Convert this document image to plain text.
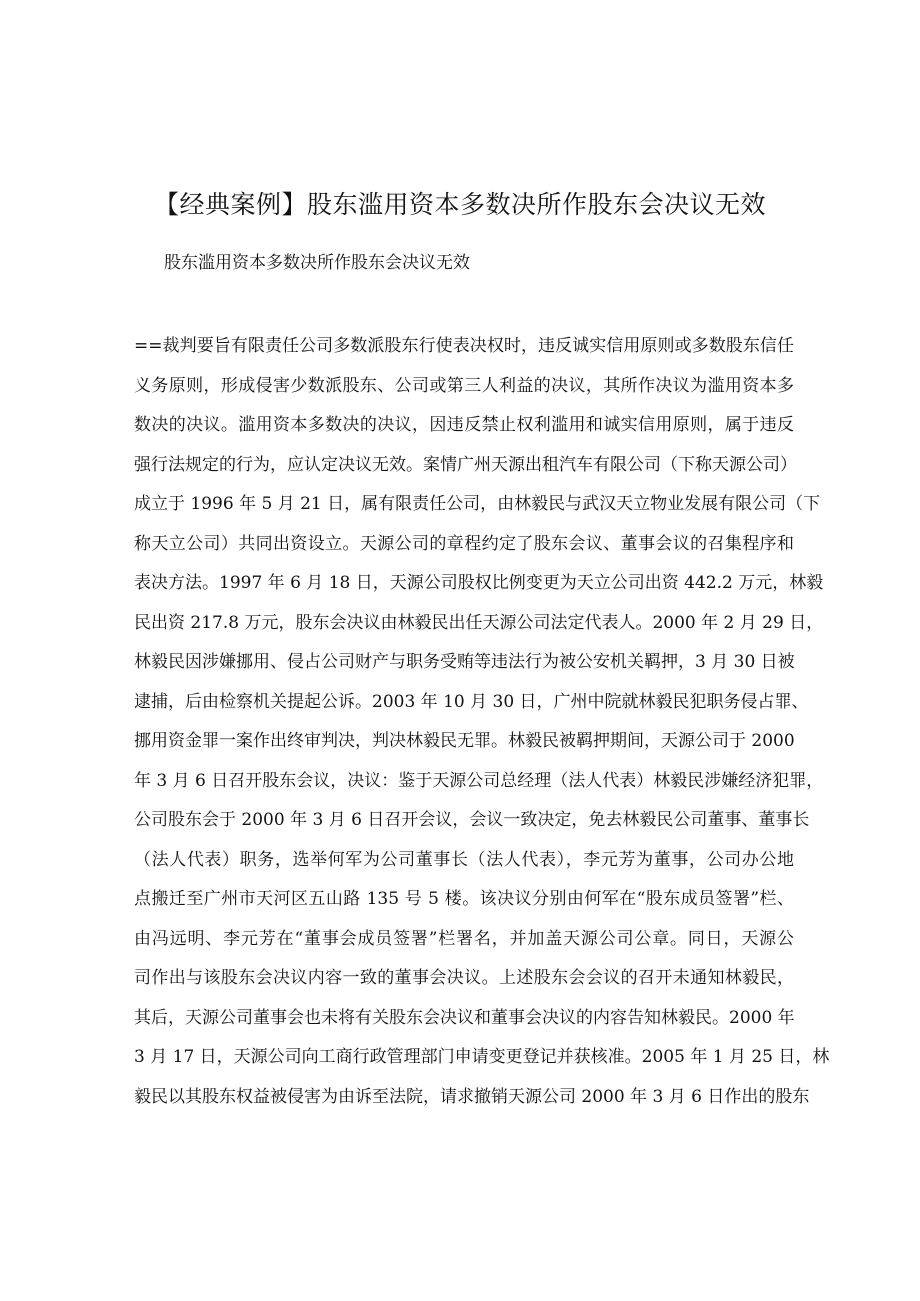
【经典案例】股东滥用资本多数决所作股东会决议无效

股东滥用资本多数决所作股东会决议无效

==裁判要旨有限责任公司多数派股东行使表决权时，违反诚实信用原则或多数股东信任
义务原则，形成侵害少数派股东、公司或第三人利益的决议，其所作决议为滥用资本多
数决的决议。滥用资本多数决的决议，因违反禁止权利滥用和诚实信用原则，属于违反
强行法规定的行为，应认定决议无效。案情广州天源出租汽车有限公司（下称天源公司）
成立于 1996 年 5 月 21 日，属有限责任公司，由林毅民与武汉天立物业发展有限公司（下
称天立公司）共同出资设立。天源公司的章程约定了股东会议、董事会议的召集程序和
表决方法。1997 年 6 月 18 日，天源公司股权比例变更为天立公司出资 442.2 万元，林毅
民出资 217.8 万元，股东会决议由林毅民出任天源公司法定代表人。2000 年 2 月 29 日，
林毅民因涉嫌挪用、侵占公司财产与职务受贿等违法行为被公安机关羁押，3 月 30 日被
逮捕，后由检察机关提起公诉。2003 年 10 月 30 日，广州中院就林毅民犯职务侵占罪、
挪用资金罪一案作出终审判决，判决林毅民无罪。林毅民被羁押期间，天源公司于 2000
年 3 月 6 日召开股东会议，决议：鉴于天源公司总经理（法人代表）林毅民涉嫌经济犯罪，
公司股东会于 2000 年 3 月 6 日召开会议，会议一致决定，免去林毅民公司董事、董事长
（法人代表）职务，选举何军为公司董事长（法人代表），李元芳为董事，公司办公地
点搬迁至广州市天河区五山路 135 号 5 楼。该决议分别由何军在“股东成员签署”栏、
由冯远明、李元芳在“董事会成员签署”栏署名，并加盖天源公司公章。同日，天源公
司作出与该股东会决议内容一致的董事会决议。上述股东会会议的召开未通知林毅民，
其后，天源公司董事会也未将有关股东会决议和董事会决议的内容告知林毅民。2000 年
3 月 17 日，天源公司向工商行政管理部门申请变更登记并获核准。2005 年 1 月 25 日，林
毅民以其股东权益被侵害为由诉至法院，请求撤销天源公司 2000 年 3 月 6 日作出的股东
